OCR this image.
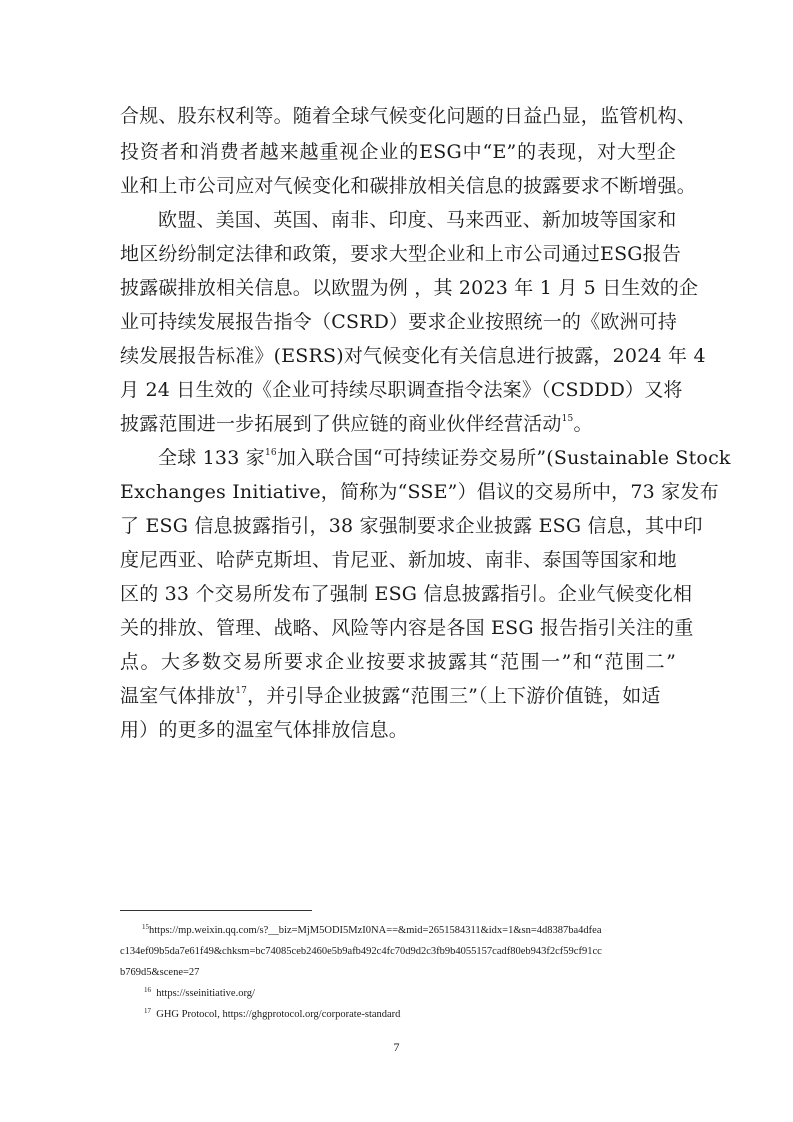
合规、股东权利等。随着全球气候变化问题的日益凸显，监管机构、
投资者和消费者越来越重视企业的ESG中“E”的表现，对大型企
业和上市公司应对气候变化和碳排放相关信息的披露要求不断增强。
欧盟、美国、英国、南非、印度、马来西亚、新加坡等国家和
地区纷纷制定法律和政策，要求大型企业和上市公司通过ESG报告
披露碳排放相关信息。以欧盟为例 ，其 2023 年 1 月 5 日生效的企
业可持续发展报告指令（CSRD）要求企业按照统一的《欧洲可持
续发展报告标准》(ESRS)对气候变化有关信息进行披露，2024 年 4
月 24 日生效的《企业可持续尽职调查指令法案》（CSDDD）又将
披露范围进一步拓展到了供应链的商业伙伴经营活动$^{15}$。
全球 133 家$^{16}$加入联合国“可持续证券交易所”(Sustainable Stock
Exchanges Initiative，简称为“SSE”）倡议的交易所中，73 家发布
了 ESG 信息披露指引，38 家强制要求企业披露 ESG 信息，其中印
度尼西亚、哈萨克斯坦、肯尼亚、新加坡、南非、泰国等国家和地
区的 33 个交易所发布了强制 ESG 信息披露指引。企业气候变化相
关的排放、管理、战略、风险等内容是各国 ESG 报告指引关注的重
点。大多数交易所要求企业按要求披露其“范围一”和“范围二”
温室气体排放$^{17}$，并引导企业披露“范围三”（上下游价值链，如适
用）的更多的温室气体排放信息。
$^{15}$https://mp.weixin.qq.com/s?__biz=MjM5ODI5MzI0NA==&mid=2651584311&idx=1&sn=4d8387ba4dfea
c134ef09b5da7e61f49&chksm=bc74085ceb2460e5b9afb492c4fc70d9d2c3fb9b4055157cadf80eb943f2cf59cf91cc
b769d5&scene=27
$^{16}$ https://sseinitiative.org/
$^{17}$ GHG Protocol, https://ghgprotocol.org/corporate-standard
7
